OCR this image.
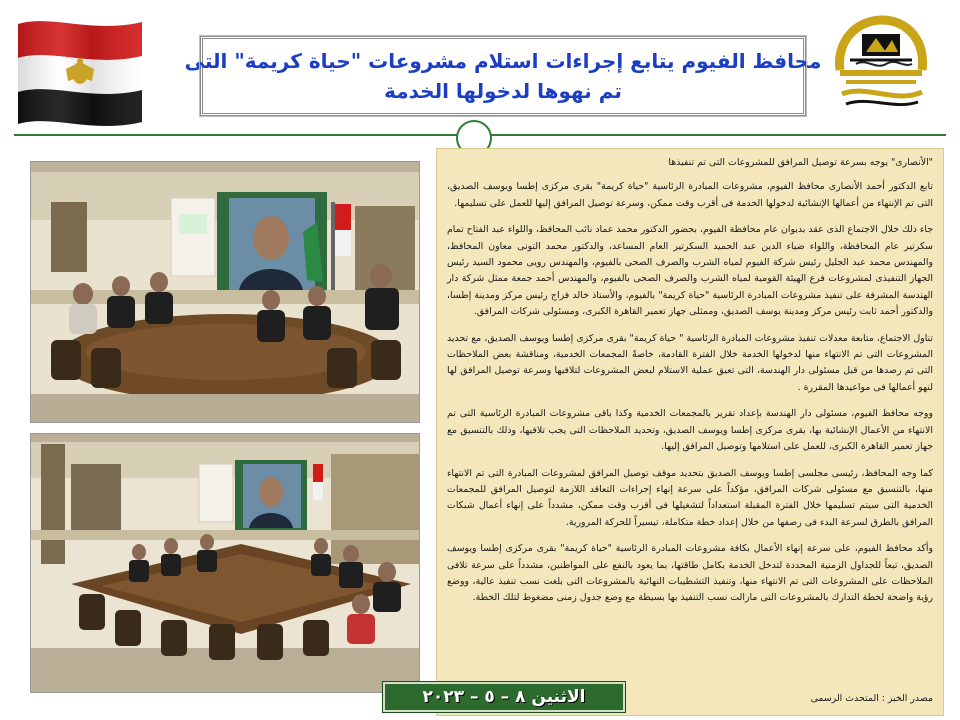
محافظ الفيوم يتابع إجراءات استلام مشروعات "حياة كريمة" التى
تم نهوها لدخولها الخدمة

"الأنصارى" يوجه بسرعة توصيل المرافق للمشروعات التى تم تنفيذها

تابع الدكتور أحمد الأنصارى محافظ الفيوم، مشروعات المبادرة الرئاسية "حياة كريمة" بقرى مركزى إطسا ويوسف الصديق، التى تم الإنتهاء من أعمالها الإنشائية لدخولها الخدمة فى أقرب وقت ممكن، وسرعة توصيل المرافق إليها للعمل على تسليمها.

جاء ذلك خلال الاجتماع الذى عقد بديوان عام محافظة الفيوم، بحضور الدكتور محمد عماد نائب المحافظ، واللواء عبد الفتاح تمام سكرتير عام المحافظة، واللواء ضياء الدين عبد الحميد السكرتير العام المساعد، والدكتور محمد التونى معاون المحافظ، والمهندس محمد عبد الجليل رئيس شركة الفيوم لمياه الشرب والصرف الصحى بالفيوم، والمهندس رويى محمود السيد رئيس الجهاز التنفيذى لمشروعات فرع الهيئة القومية لمياه الشرب والصرف الصحى بالفيوم، والمهندس أحمد جمعة ممثل شركة دار الهندسة المشرفة على تنفيذ مشروعات المبادرة الرئاسية "حياة كريمة" بالفيوم، والأستاذ خالد فراج رئيس مركز ومدينة إطسا، والدكتور أحمد ثابت رئيس مركز ومدينة يوسف الصديق، وممثلى جهاز تعمير القاهرة الكبرى، ومسئولى شركات المرافق.

تناول الاجتماع، متابعة معدلات تنفيذ مشروعات المبادرة الرئاسية " حياة كريمة" بقرى مركزى إطسا ويوسف الصديق، مع تحديد المشروعات التى تم الانتهاء منها لدخولها الخدمة خلال الفترة القادمة، خاصةً المجمعات الخدمية، ومناقشة بعض الملاحظات التى تم رصدها من قبل مسئولى دار الهندسة، التى تعيق عملية الاستلام لبعض المشروعات لتلافيها وسرعة توصيل المرافق لها لنهو أعمالها فى مواعيدها المقررة .

ووجه محافظ الفيوم، مسئولى دار الهندسة بإعداد تقرير بالمجمعات الخدمية وكذا باقى مشروعات المبادرة الرئاسية التى تم الانتهاء من الأعمال الإنشائية بها، بقرى مركزى إطسا ويوسف الصديق، وتحديد الملاحظات التى يجب تلافيها، وذلك بالتنسيق مع جهاز تعمير القاهرة الكبرى، للعمل على استلامها وتوصيل المرافق إليها.

كما وجه المحافظ، رئيسى مجلسى إطسا ويوسف الصديق بتحديد موقف توصيل المرافق لمشروعات المبادرة التى تم الانتهاء منها، بالتنسيق مع مسئولى شركات المرافق، مؤكداً على سرعة إنهاء إجراءات التعاقد اللازمة لتوصيل المرافق للمجمعات الخدمية التى سيتم تسليمها خلال الفترة المقبلة استعداداً لتشغيلها فى أقرب وقت ممكن، مشدداً على إنهاء أعمال شبكات المرافق بالطرق لسرعة البدء فى رصفها من خلال إعداد خطة متكاملة، تيسيراً للحركة المرورية.

وأكد محافظ الفيوم، على سرعة إنهاء الأعمال بكافة مشروعات المبادرة الرئاسية "حياة كريمة" بقرى مركزى إطسا ويوسف الصديق، تبعاً للجداول الزمنية المحددة لتدخل الخدمة بكامل طاقتها، بما يعود بالنفع على المواطنين، مشدداً على سرعة تلافى الملاحظات على المشروعات التى تم الانتهاء منها، وتنفيذ التشطيبات النهائية بالمشروعات التى بلغت نسب تنفيذ عالية، ووضع رؤية واضحة لخطة التدارك بالمشروعات التى مازالت نسب التنفيذ بها بسيطة مع وضع جدول زمنى مضغوط لتلك الخطة.

مصدر الخبر : المتحدث الرسمى
الاثنين ٨ – ٥ – ٢٠٢٣
